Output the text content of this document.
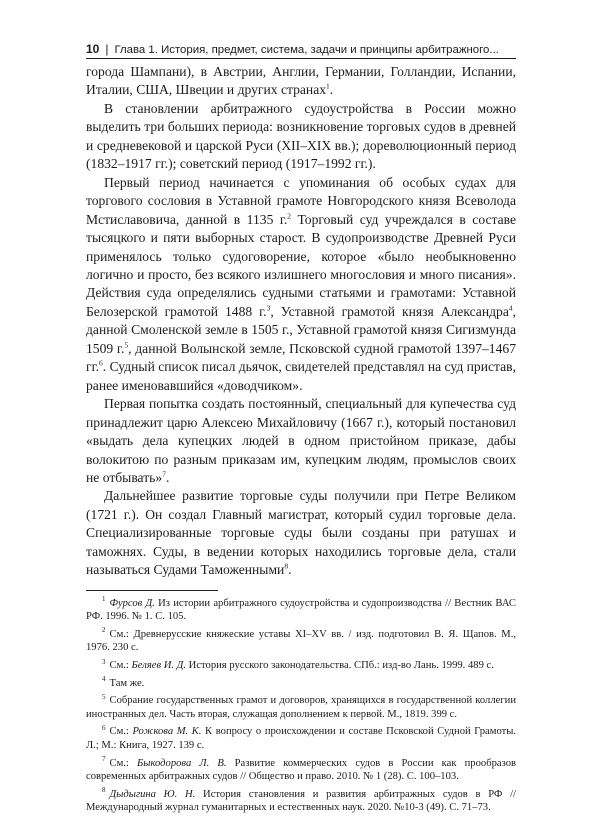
10 | Глава 1. История, предмет, система, задачи и принципы арбитражного...

города Шампани), в Австрии, Англии, Германии, Голландии, Испании, Италии, США, Швеции и других странах$^1$.

В становлении арбитражного судоустройства в России можно выделить три больших периода: возникновение торговых судов в древней и средневековой и царской Руси (XII–XIX вв.); дореволюционный период (1832–1917 гг.); советский период (1917–1992 гг.).

Первый период начинается с упоминания об особых судах для торгового сословия в Уставной грамоте Новгородского князя Всеволода Мстиславовича, данной в 1135 г.$^2$ Торговый суд учреждался в составе тысяцкого и пяти выборных старост. В судопроизводстве Древней Руси применялось только судоговорение, которое «было необыкновенно логично и просто, без всякого излишнего многословия и много писания». Действия суда определялись судными статьями и грамотами: Уставной Белозерской грамотой 1488 г.$^3$, Уставной грамотой князя Александра$^4$, данной Смоленской земле в 1505 г., Уставной грамотой князя Сигизмунда 1509 г.$^5$, данной Волынской земле, Псковской судной грамотой 1397–1467 гг.$^6$. Судный список писал дьячок, свидетелей представлял на суд пристав, ранее именовавшийся «доводчиком».

Первая попытка создать постоянный, специальный для купечества суд принадлежит царю Алексею Михайловичу (1667 г.), который постановил «выдать дела купецких людей в одном пристойном приказе, дабы волокитою по разным приказам им, купецким людям, промыслов своих не отбывать»$^7$.

Дальнейшее развитие торговые суды получили при Петре Великом (1721 г.). Он создал Главный магистрат, который судил торговые дела. Специализированные торговые суды были созданы при ратушах и таможнях. Суды, в ведении которых находились торговые дела, стали называться Судами Таможенными$^8$.

$^1$ Фурсов Д. Из истории арбитражного судоустройства и судопроизводства // Вестник ВАС РФ. 1996. № 1. С. 105.

$^2$ См.: Древнерусские княжеские уставы XI–XV вв. / изд. подготовил В. Я. Щапов. М., 1976. 230 с.

$^3$ См.: Беляев И. Д. История русского законодательства. СПб.: изд-во Лань. 1999. 489 с.

$^4$ Там же.

$^5$ Собрание государственных грамот и договоров, хранящихся в государственной коллегии иностранных дел. Часть вторая, служащая дополнением к первой. М., 1819. 399 с.

$^6$ См.: Рожкова М. К. К вопросу о происхождении и составе Псковской Судной Грамоты. Л.; М.: Книга, 1927. 139 с.

$^7$ См.: Быкодорова Л. В. Развитие коммерческих судов в России как прообразов современных арбитражных судов // Общество и право. 2010. № 1 (28). С. 100–103.

$^8$ Дыдыгина Ю. Н. История становления и развития арбитражных судов в РФ // Международный журнал гуманитарных и естественных наук. 2020. №10-3 (49). С. 71–73.
